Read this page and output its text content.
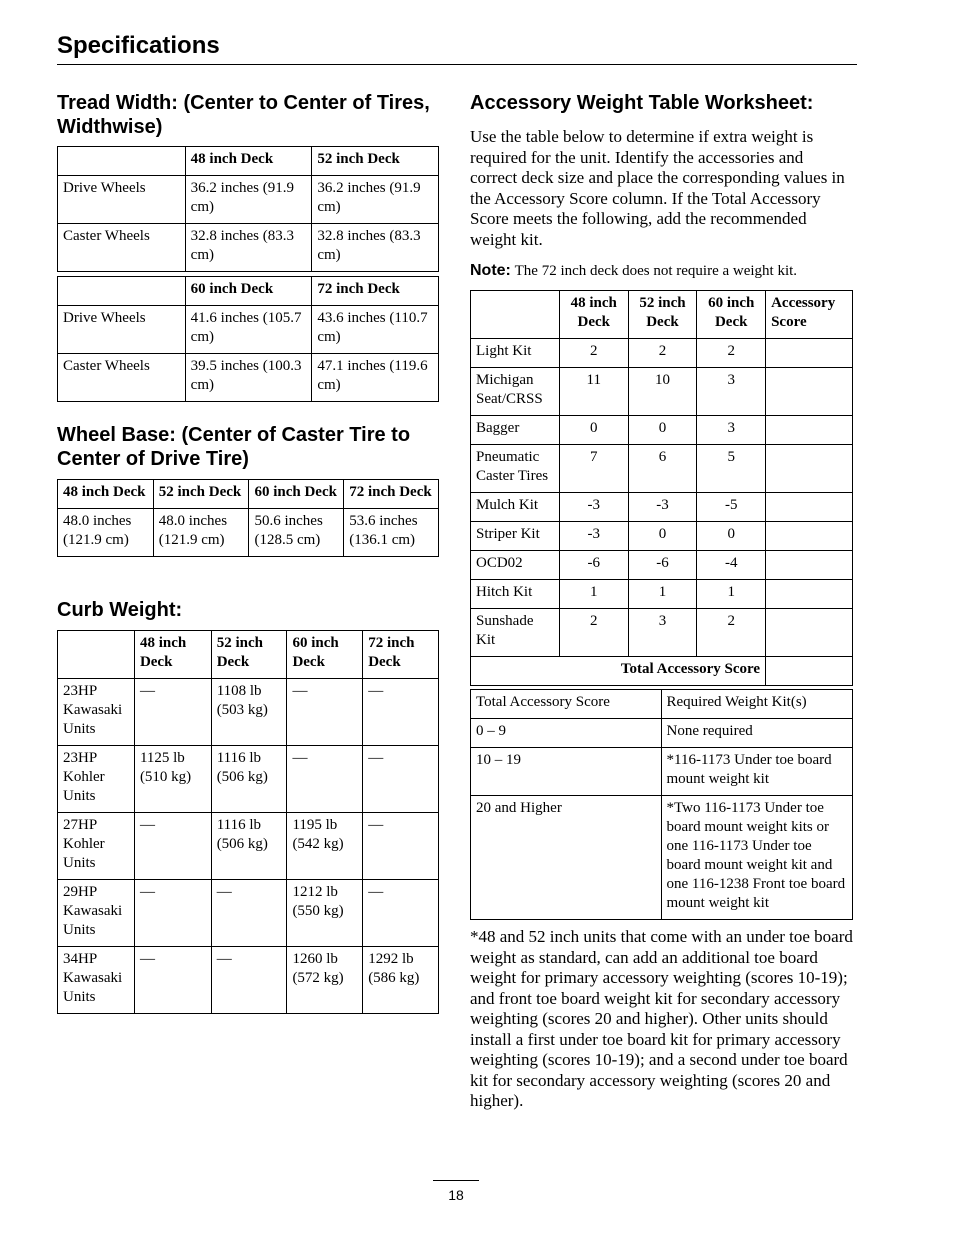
Specifications
Tread Width: (Center to Center of Tires, Widthwise)
	48 inch Deck	52 inch Deck
Drive Wheels	36.2 inches (91.9 cm)	36.2 inches (91.9 cm)
Caster Wheels	32.8 inches (83.3 cm)	32.8 inches (83.3 cm)
	60 inch Deck	72 inch Deck
Drive Wheels	41.6 inches (105.7 cm)	43.6 inches (110.7 cm)
Caster Wheels	39.5 inches (100.3 cm)	47.1 inches (119.6 cm)
Wheel Base: (Center of Caster Tire to Center of Drive Tire)
48 inch Deck	52 inch Deck	60 inch Deck	72 inch Deck
48.0 inches (121.9 cm)	48.0 inches (121.9 cm)	50.6 inches (128.5 cm)	53.6 inches (136.1 cm)
Curb Weight:
	48 inch Deck	52 inch Deck	60 inch Deck	72 inch Deck
23HP Kawasaki Units	—	1108 lb (503 kg)	—	—
23HP Kohler Units	1125 lb (510 kg)	1116 lb (506 kg)	—	—
27HP Kohler Units	—	1116 lb (506 kg)	1195 lb (542 kg)	—
29HP Kawasaki Units	—	—	1212 lb (550 kg)	—
34HP Kawasaki Units	—	—	1260 lb (572 kg)	1292 lb (586 kg)
Accessory Weight Table Worksheet:

Use the table below to determine if extra weight is required for the unit. Identify the accessories and correct deck size and place the corresponding values in the Accessory Score column. If the Total Accessory Score meets the following, add the recommended weight kit.

Note: The 72 inch deck does not require a weight kit.
	48 inch Deck	52 inch Deck	60 inch Deck	Accessory Score
Light Kit	2	2	2	
Michigan Seat/CRSS	11	10	3	
Bagger	0	0	3	
Pneumatic Caster Tires	7	6	5	
Mulch Kit	-3	-3	-5	
Striper Kit	-3	0	0	
OCD02	-6	-6	-4	
Hitch Kit	1	1	1	
Sunshade Kit	2	3	2	
Total Accessory Score				
Total Accessory Score	Required Weight Kit(s)
0 – 9	None required
10 – 19	*116-1173 Under toe board mount weight kit
20 and Higher	*Two 116-1173 Under toe board mount weight kits or one 116-1173 Under toe board mount weight kit and one 116-1238 Front toe board mount weight kit

*48 and 52 inch units that come with an under toe board weight as standard, can add an additional toe board weight for primary accessory weighting (scores 10-19); and front toe board weight kit for secondary accessory weighting (scores 20 and higher). Other units should install a first under toe board kit for primary accessory weighting (scores 10-19); and a second under toe board kit for secondary accessory weighting (scores 20 and higher).

18
